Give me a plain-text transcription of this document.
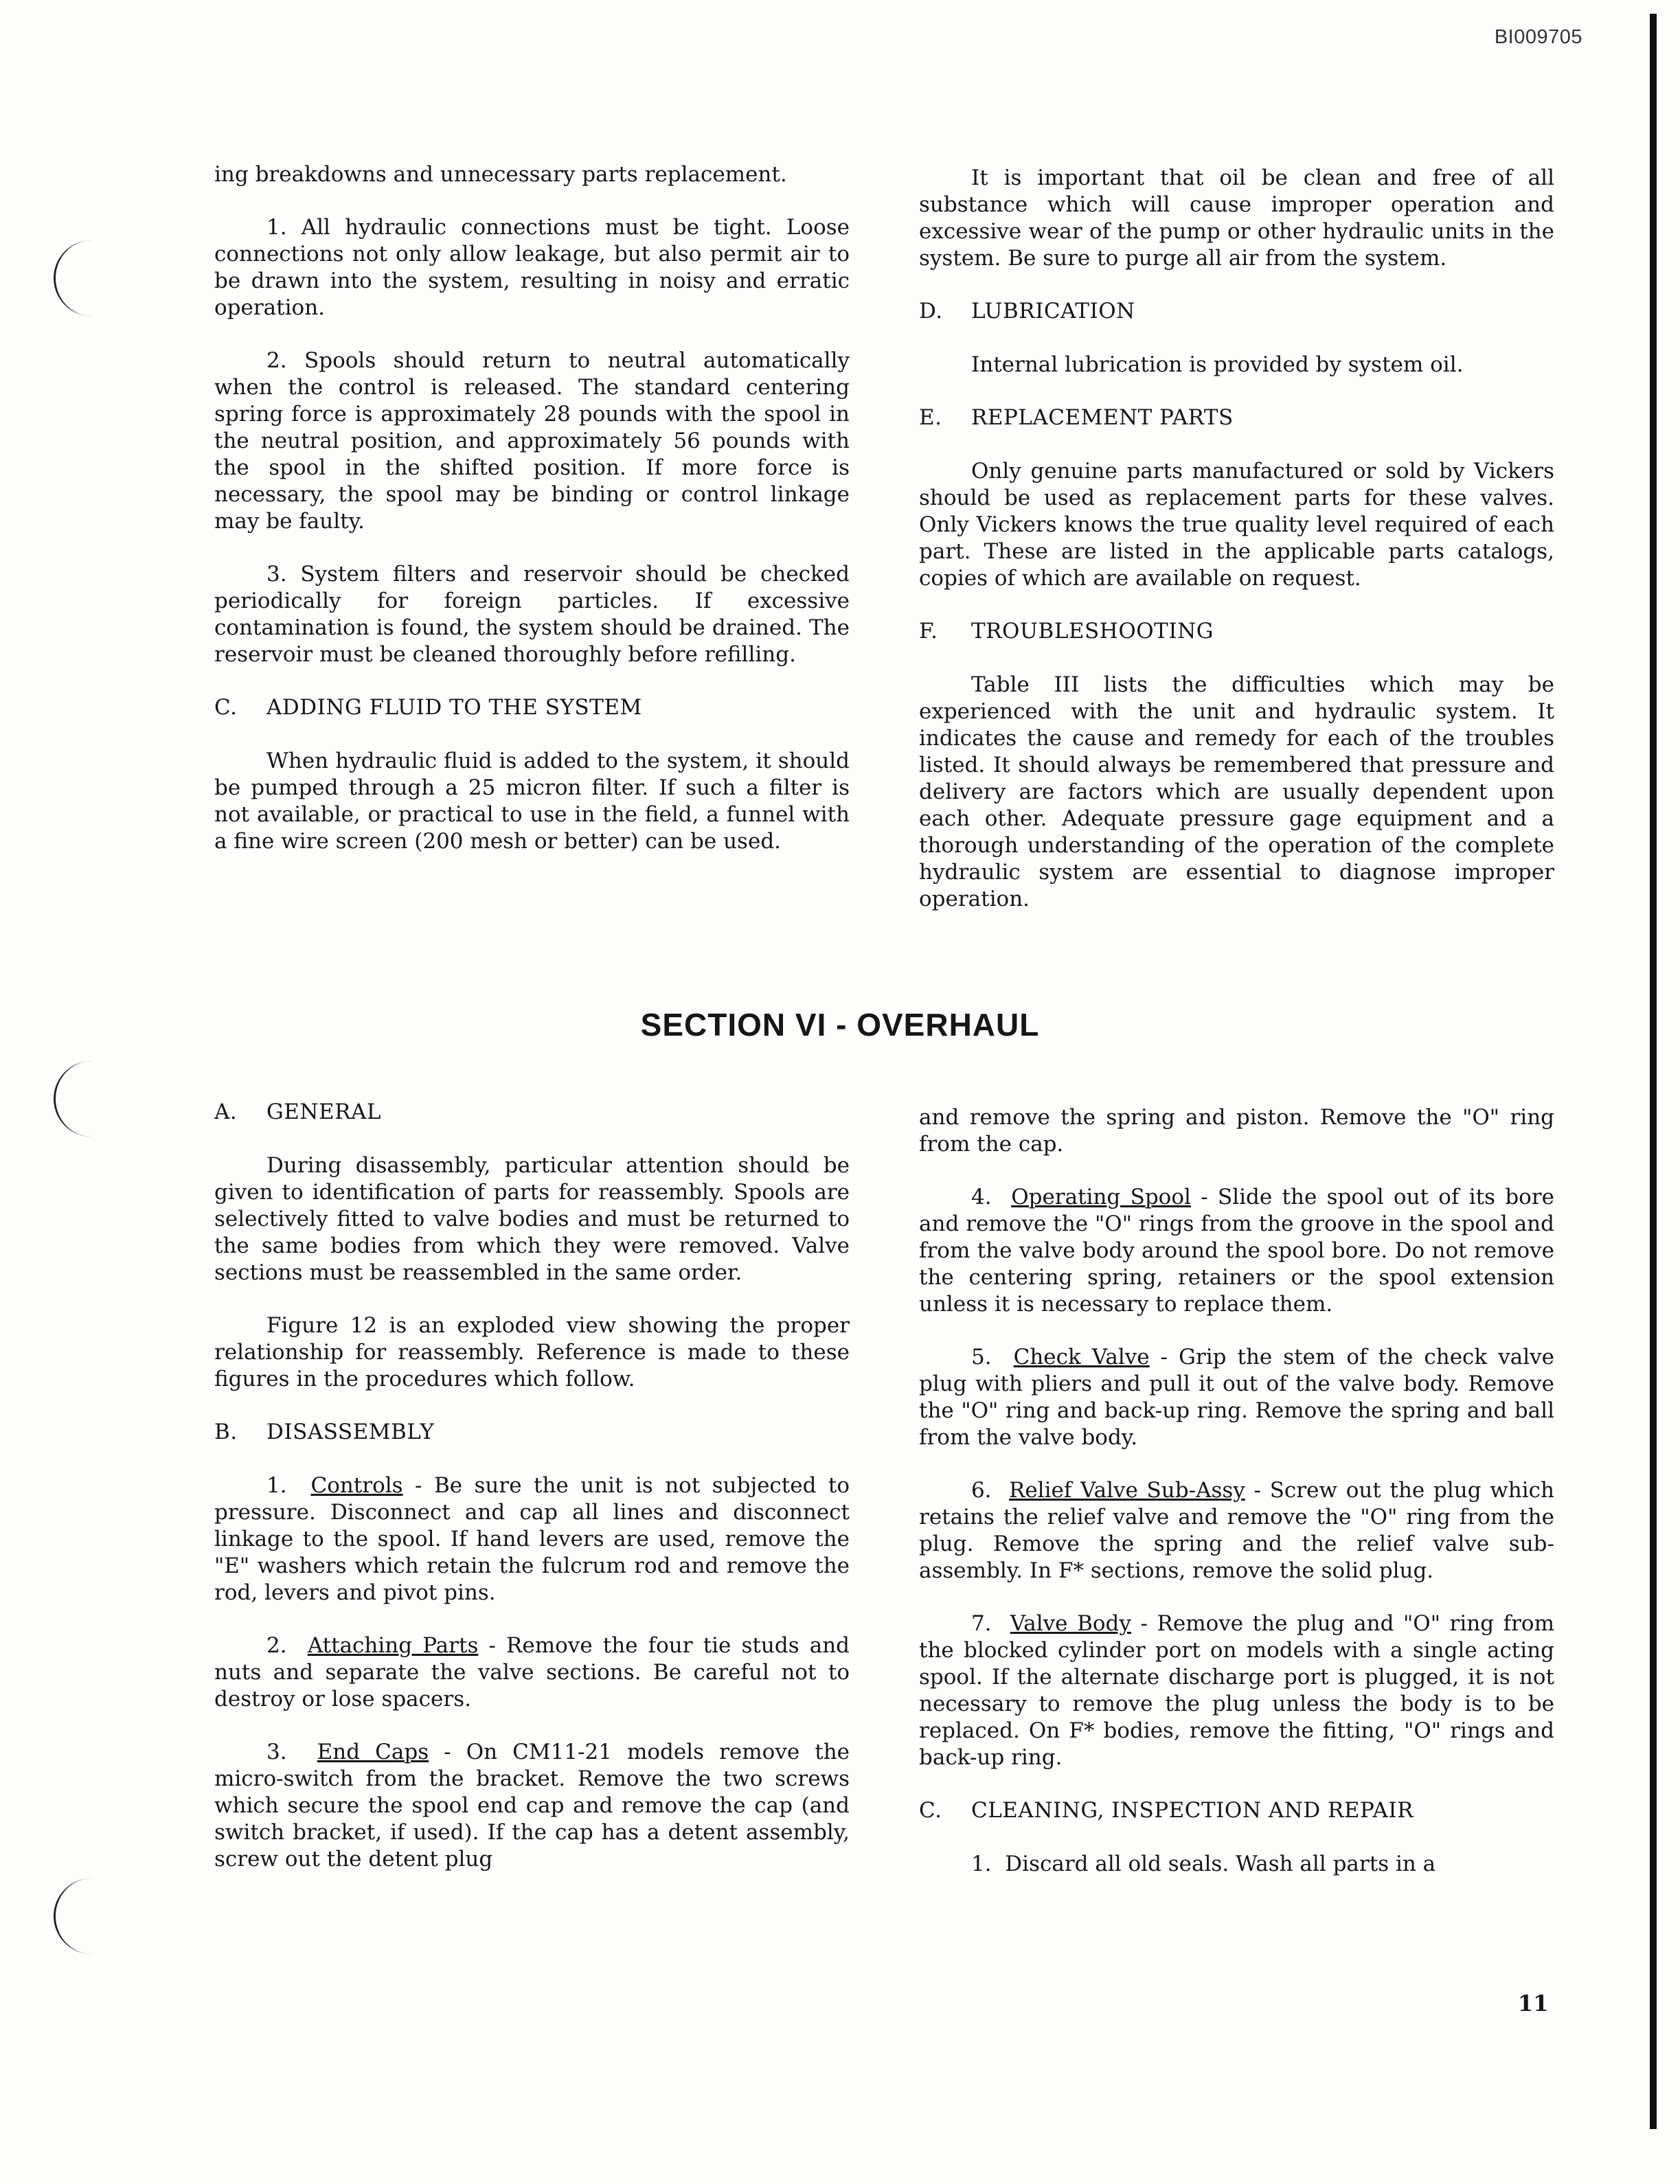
BI009705

ing breakdowns and unnecessary parts replacement.

1. All hydraulic connections must be tight. Loose connections not only allow leakage, but also permit air to be drawn into the system, resulting in noisy and erratic operation.

2. Spools should return to neutral automatically when the control is released. The standard centering spring force is approximately 28 pounds with the spool in the neutral position, and approximately 56 pounds with the spool in the shifted position. If more force is necessary, the spool may be binding or control linkage may be faulty.

3. System filters and reservoir should be checked periodically for foreign particles. If excessive contamination is found, the system should be drained. The reservoir must be cleaned thoroughly before refilling.

C. ADDING FLUID TO THE SYSTEM

When hydraulic fluid is added to the system, it should be pumped through a 25 micron filter. If such a filter is not available, or practical to use in the field, a funnel with a fine wire screen (200 mesh or better) can be used.

It is important that oil be clean and free of all substance which will cause improper operation and excessive wear of the pump or other hydraulic units in the system. Be sure to purge all air from the system.

D. LUBRICATION

Internal lubrication is provided by system oil.

E. REPLACEMENT PARTS

Only genuine parts manufactured or sold by Vickers should be used as replacement parts for these valves. Only Vickers knows the true quality level required of each part. These are listed in the applicable parts catalogs, copies of which are available on request.

F. TROUBLESHOOTING

Table III lists the difficulties which may be experienced with the unit and hydraulic system. It indicates the cause and remedy for each of the troubles listed. It should always be remembered that pressure and delivery are factors which are usually dependent upon each other. Adequate pressure gage equipment and a thorough understanding of the operation of the complete hydraulic system are essential to diagnose improper operation.

SECTION VI - OVERHAUL
A. GENERAL

During disassembly, particular attention should be given to identification of parts for reassembly. Spools are selectively fitted to valve bodies and must be returned to the same bodies from which they were removed. Valve sections must be reassembled in the same order.

Figure 12 is an exploded view showing the proper relationship for reassembly. Reference is made to these figures in the procedures which follow.

B. DISASSEMBLY

1. Controls - Be sure the unit is not subjected to pressure. Disconnect and cap all lines and disconnect linkage to the spool. If hand levers are used, remove the "E" washers which retain the fulcrum rod and remove the rod, levers and pivot pins.

2. Attaching Parts - Remove the four tie studs and nuts and separate the valve sections. Be careful not to destroy or lose spacers.

3. End Caps - On CM11-21 models remove the micro-switch from the bracket. Remove the two screws which secure the spool end cap and remove the cap (and switch bracket, if used). If the cap has a detent assembly, screw out the detent plug

and remove the spring and piston. Remove the "O" ring from the cap.

4. Operating Spool - Slide the spool out of its bore and remove the "O" rings from the groove in the spool and from the valve body around the spool bore. Do not remove the centering spring, retainers or the spool extension unless it is necessary to replace them.

5. Check Valve - Grip the stem of the check valve plug with pliers and pull it out of the valve body. Remove the "O" ring and back-up ring. Remove the spring and ball from the valve body.

6. Relief Valve Sub-Assy - Screw out the plug which retains the relief valve and remove the "O" ring from the plug. Remove the spring and the relief valve sub-assembly. In F* sections, remove the solid plug.

7. Valve Body - Remove the plug and "O" ring from the blocked cylinder port on models with a single acting spool. If the alternate discharge port is plugged, it is not necessary to remove the plug unless the body is to be replaced. On F* bodies, remove the fitting, "O" rings and back-up ring.

C. CLEANING, INSPECTION AND REPAIR

1. Discard all old seals. Wash all parts in a

11
